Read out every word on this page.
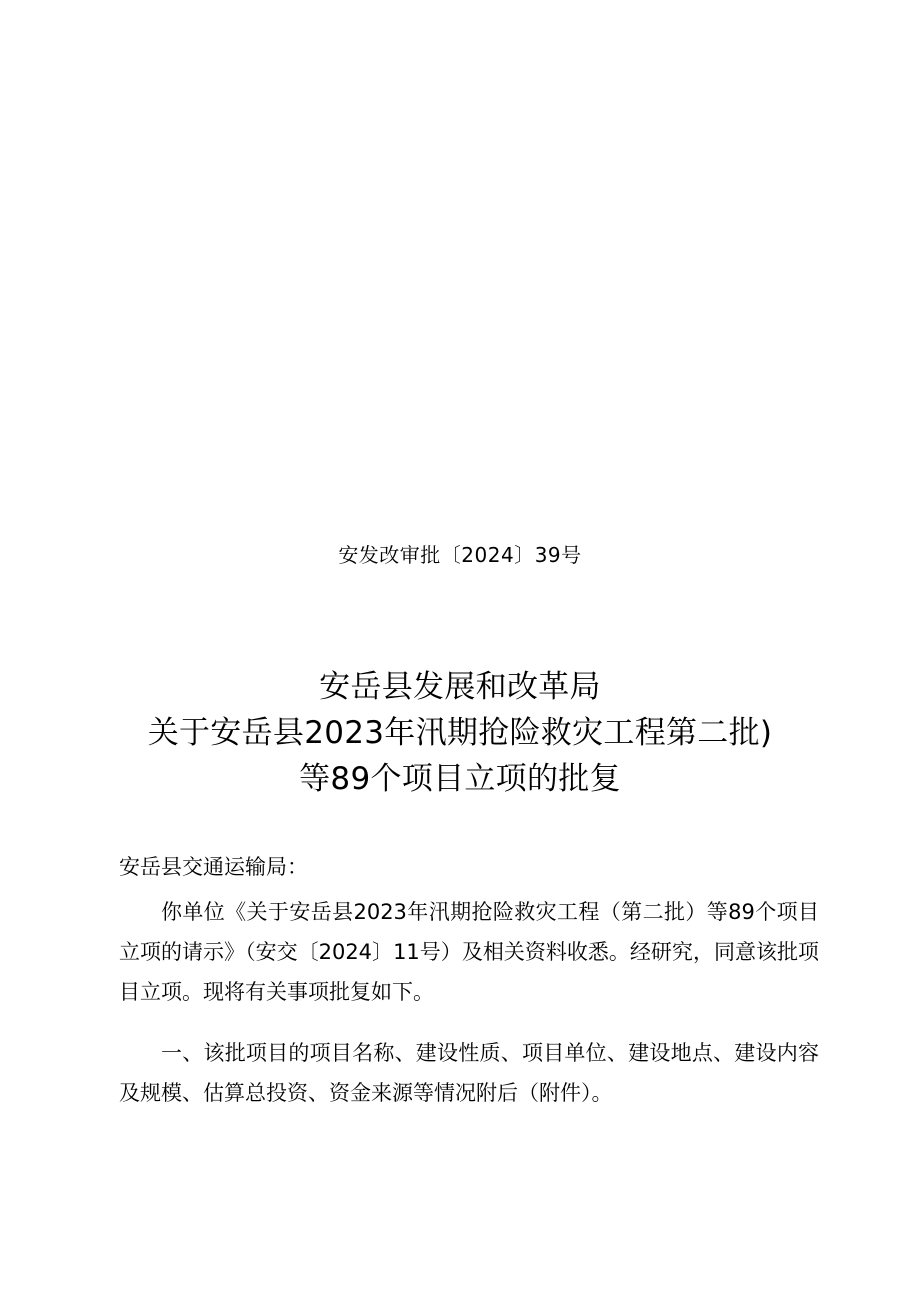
安发改审批〔2024〕39号
安岳县发展和改革局
关于安岳县2023年汛期抢险救灾工程第二批)
等89个项目立项的批复
安岳县交通运输局：

你单位《关于安岳县2023年汛期抢险救灾工程（第二批）等89个项目立项的请示》（安交〔2024〕11号）及相关资料收悉。经研究，同意该批项目立项。现将有关事项批复如下。

一、该批项目的项目名称、建设性质、项目单位、建设地点、建设内容及规模、估算总投资、资金来源等情况附后（附件）。
